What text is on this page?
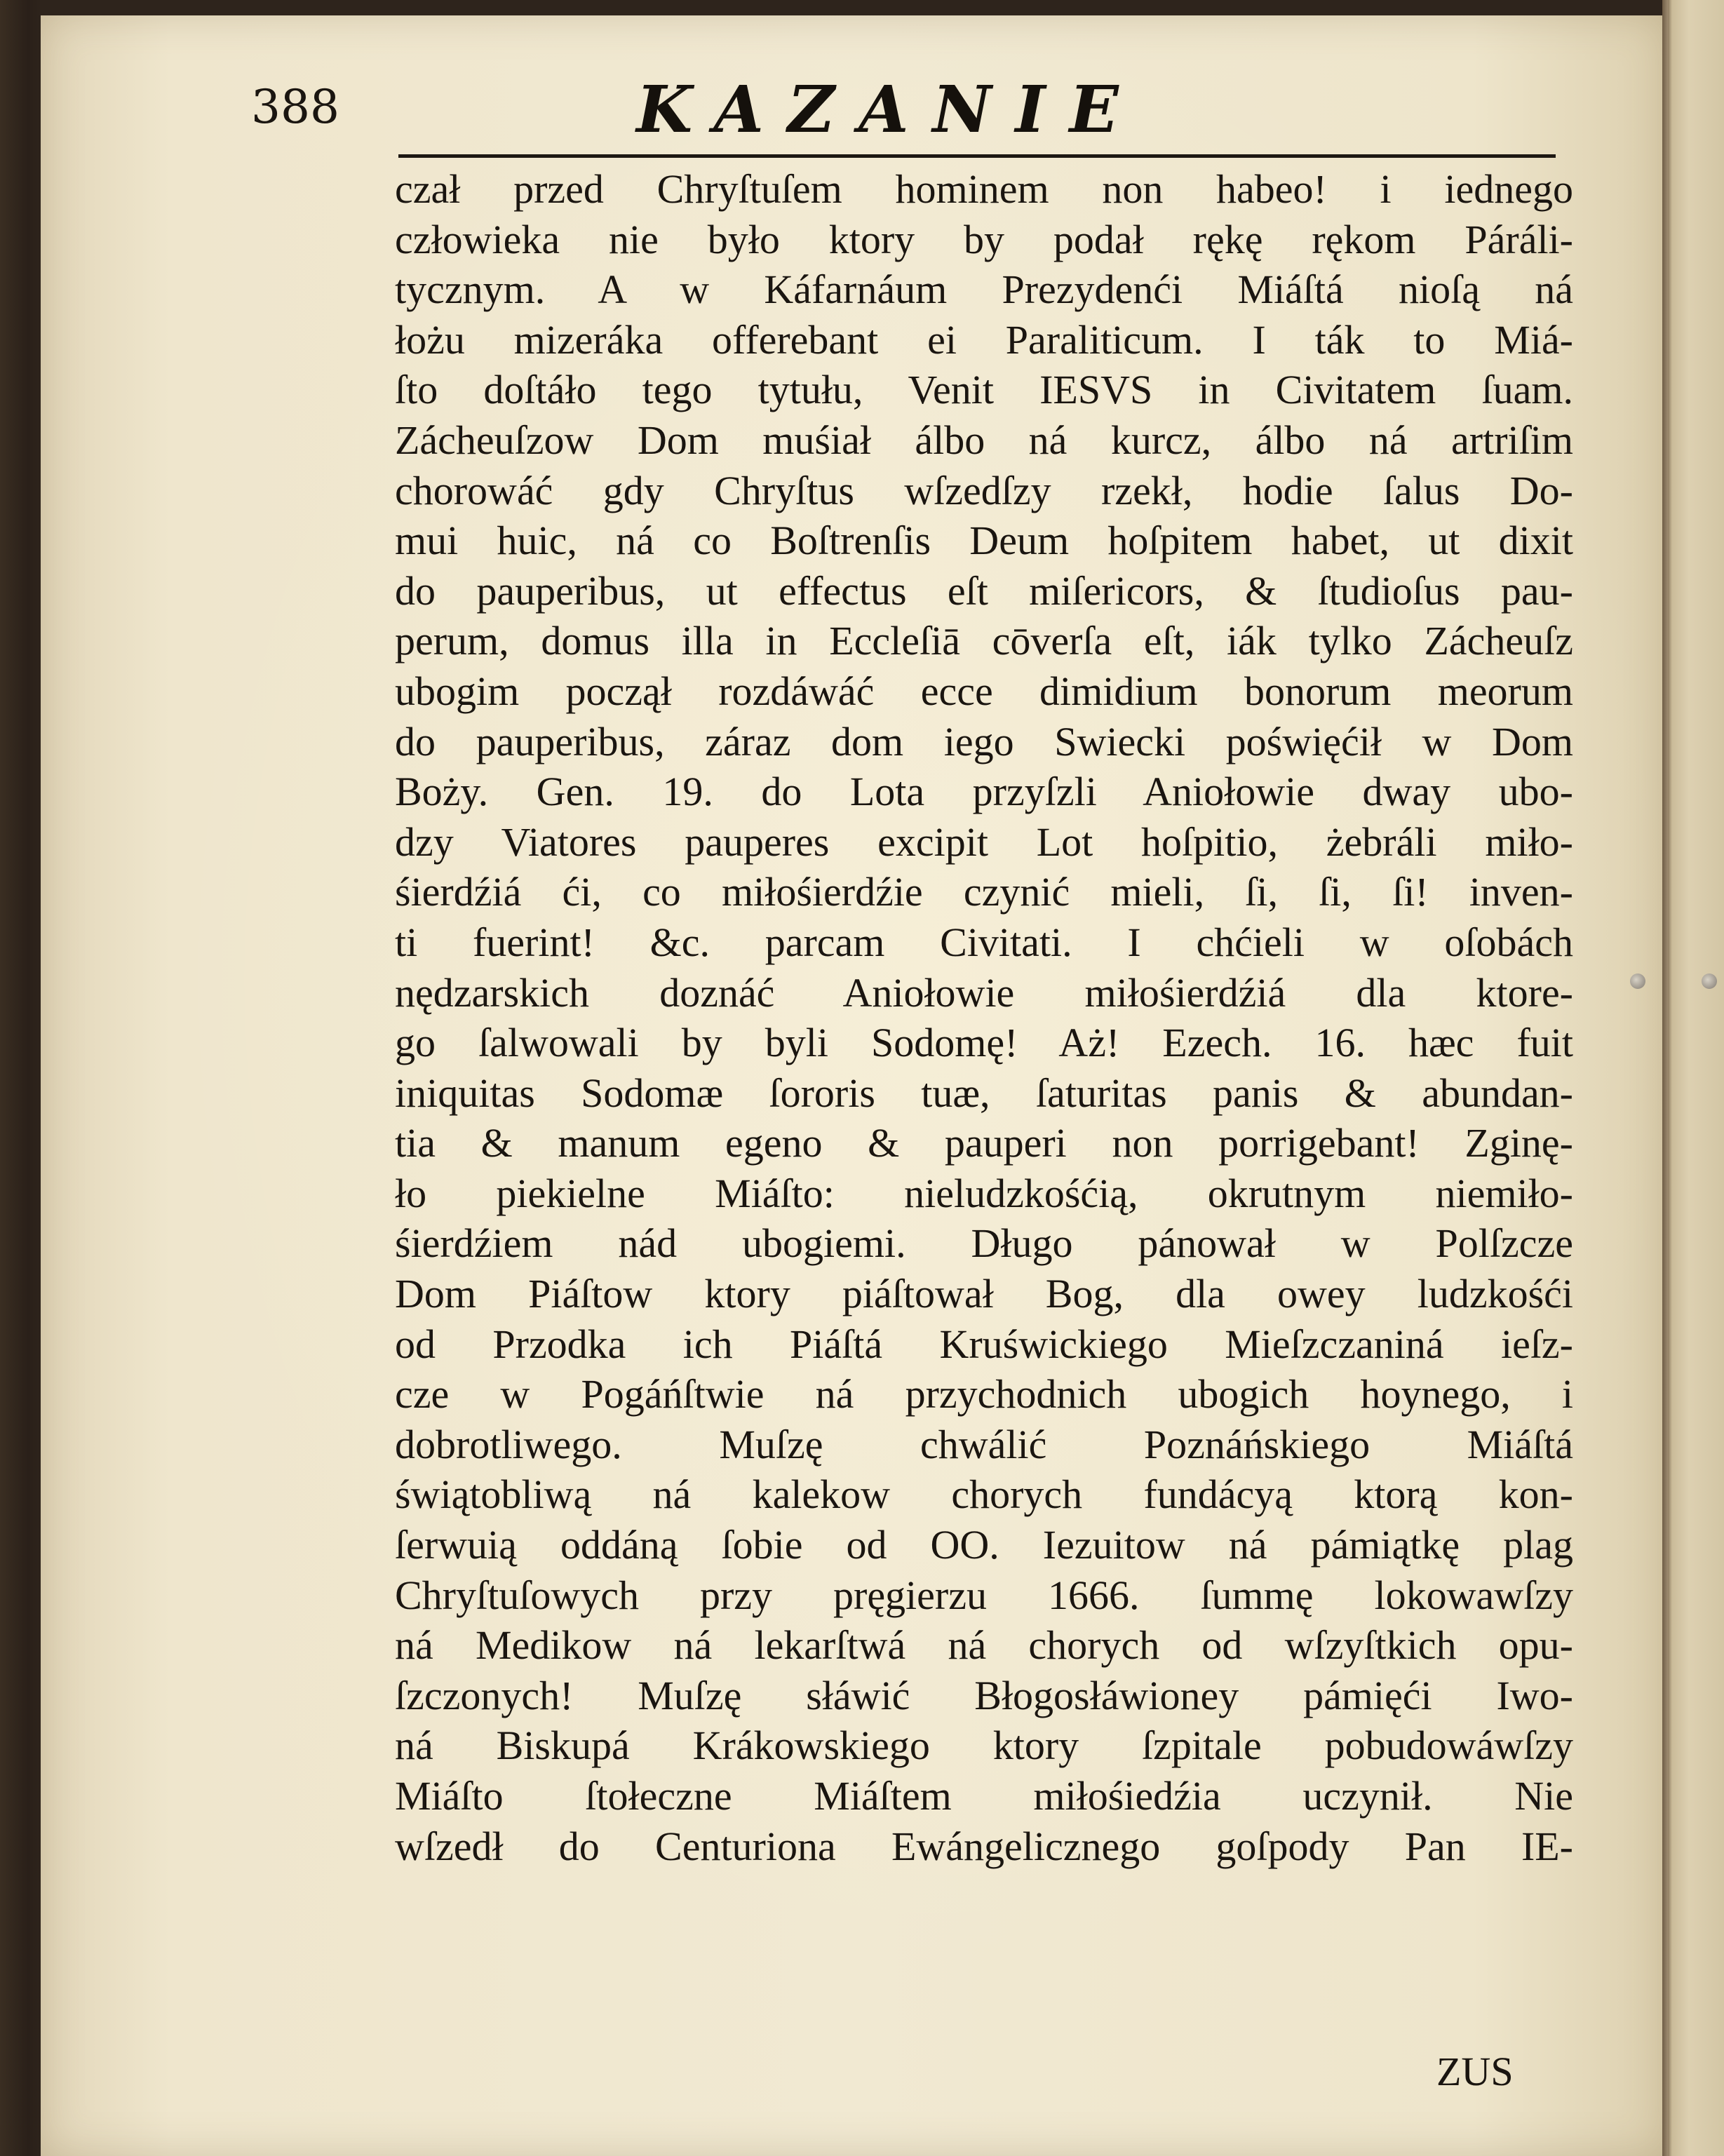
388	KAZANIE
czał przed Chryſtuſem hominem non habeo! i iednego
człowieka nie było ktory by podał rękę rękom Páráli-
tycznym. A w Káfarnáum Prezydenći Miáſtá nioſą ná
łożu mizeráka offerebant ei Paraliticum. I ták to Miá-
ſto doſtáło tego tytułu, Venit IESVS in Civitatem ſuam.
Zácheuſzow Dom muśiał álbo ná kurcz, álbo ná artriſim
chorowáć gdy Chryſtus wſzedſzy rzekł, hodie ſalus Do-
mui huic, ná co Boſtrenſis Deum hoſpitem habet, ut dixit
do pauperibus, ut effectus eſt miſericors, & ſtudioſus pau-
perum, domus illa in Eccleſiā cōverſa eſt, iák tylko Zácheuſz
ubogim począł rozdáwáć ecce dimidium bonorum meorum
do pauperibus, záraz dom iego Swiecki poświęćił w Dom
Boży. Gen. 19. do Lota przyſzli Aniołowie dway ubo-
dzy Viatores pauperes excipit Lot hoſpitio, żebráli miło-
śierdźiá ći, co miłośierdźie czynić mieli, ſi, ſi, ſi! inven-
ti fuerint! &c. parcam Civitati. I chćieli w oſobách
nędzarskich doznáć Aniołowie miłośierdźiá dla ktore-
go ſalwowali by byli Sodomę! Aż! Ezech. 16. hæc fuit
iniquitas Sodomæ ſororis tuæ, ſaturitas panis & abundan-
tia & manum egeno & pauperi non porrigebant! Zginę-
ło piekielne Miáſto: nieludzkośćią, okrutnym niemiło-
śierdźiem nád ubogiemi. Długo pánował w Polſzcze
Dom Piáſtow ktory piáſtował Bog, dla owey ludzkośći
od Przodka ich Piáſtá Kruświckiego Mieſzczaniná ieſz-
cze w Pogáńſtwie ná przychodnich ubogich hoynego, i
dobrotliwego. Muſzę chwálić Poznáńskiego Miáſtá
świątobliwą ná kalekow chorych fundácyą ktorą kon-
ſerwuią oddáną ſobie od OO. Iezuitow ná pámiątkę plag
Chryſtuſowych przy pręgierzu 1666. ſummę lokowawſzy
ná Medikow ná lekarſtwá ná chorych od wſzyſtkich opu-
ſzczonych! Muſzę słáwić Błogosłáwioney pámięći Iwo-
ná Biskupá Krákowskiego ktory ſzpitale pobudowáwſzy
Miáſto ſtołeczne Miáſtem miłośiedźia uczynił. Nie
wſzedł do Centuriona Ewángelicznego goſpody Pan IE-
ZUS
